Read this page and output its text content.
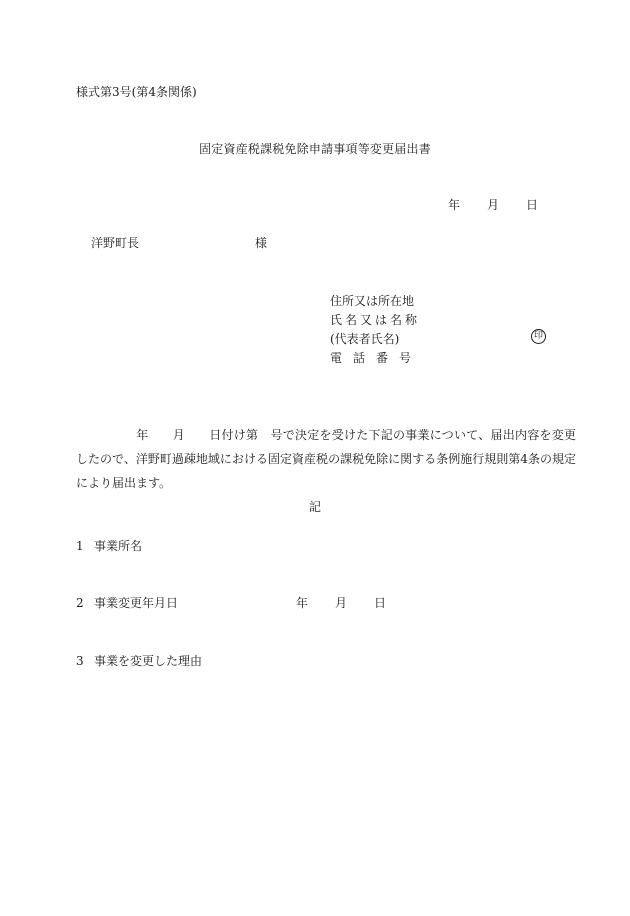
様式第3号(第4条関係)
固定資産税課税免除申請事項等変更届出書
年 月 日
洋野町長	様
住所又は所在地
氏名又は名称
(代表者氏名)
電話番号
印
年 月 日付け第 号で決定を受けた下記の事業について、届出内容を変更したので、洋野町過疎地域における固定資産税の課税免除に関する条例施行規則第4条の規定により届出ます。
記
1 事業所名
2 事業変更年月日	年 月 日
3 事業を変更した理由
